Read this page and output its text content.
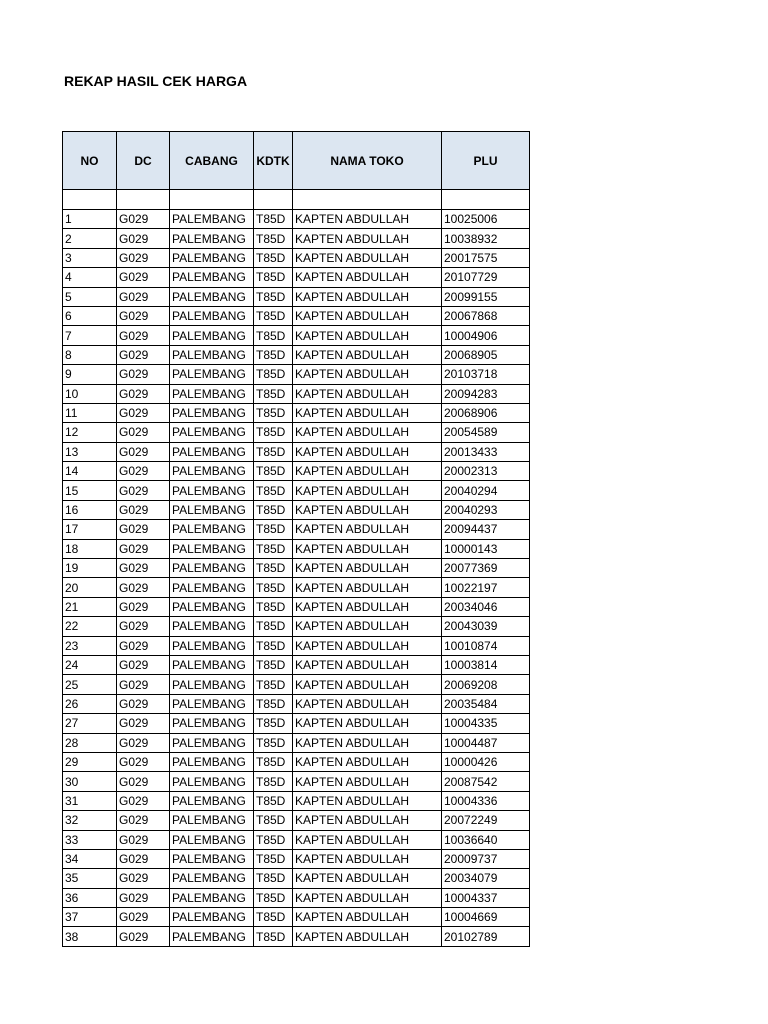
REKAP HASIL CEK HARGA
NO	DC	CABANG	KDTK	NAMA TOKO	PLU

1	G029	PALEMBANG	T85D	KAPTEN ABDULLAH	10025006
2	G029	PALEMBANG	T85D	KAPTEN ABDULLAH	10038932
3	G029	PALEMBANG	T85D	KAPTEN ABDULLAH	20017575
4	G029	PALEMBANG	T85D	KAPTEN ABDULLAH	20107729
5	G029	PALEMBANG	T85D	KAPTEN ABDULLAH	20099155
6	G029	PALEMBANG	T85D	KAPTEN ABDULLAH	20067868
7	G029	PALEMBANG	T85D	KAPTEN ABDULLAH	10004906
8	G029	PALEMBANG	T85D	KAPTEN ABDULLAH	20068905
9	G029	PALEMBANG	T85D	KAPTEN ABDULLAH	20103718
10	G029	PALEMBANG	T85D	KAPTEN ABDULLAH	20094283
11	G029	PALEMBANG	T85D	KAPTEN ABDULLAH	20068906
12	G029	PALEMBANG	T85D	KAPTEN ABDULLAH	20054589
13	G029	PALEMBANG	T85D	KAPTEN ABDULLAH	20013433
14	G029	PALEMBANG	T85D	KAPTEN ABDULLAH	20002313
15	G029	PALEMBANG	T85D	KAPTEN ABDULLAH	20040294
16	G029	PALEMBANG	T85D	KAPTEN ABDULLAH	20040293
17	G029	PALEMBANG	T85D	KAPTEN ABDULLAH	20094437
18	G029	PALEMBANG	T85D	KAPTEN ABDULLAH	10000143
19	G029	PALEMBANG	T85D	KAPTEN ABDULLAH	20077369
20	G029	PALEMBANG	T85D	KAPTEN ABDULLAH	10022197
21	G029	PALEMBANG	T85D	KAPTEN ABDULLAH	20034046
22	G029	PALEMBANG	T85D	KAPTEN ABDULLAH	20043039
23	G029	PALEMBANG	T85D	KAPTEN ABDULLAH	10010874
24	G029	PALEMBANG	T85D	KAPTEN ABDULLAH	10003814
25	G029	PALEMBANG	T85D	KAPTEN ABDULLAH	20069208
26	G029	PALEMBANG	T85D	KAPTEN ABDULLAH	20035484
27	G029	PALEMBANG	T85D	KAPTEN ABDULLAH	10004335
28	G029	PALEMBANG	T85D	KAPTEN ABDULLAH	10004487
29	G029	PALEMBANG	T85D	KAPTEN ABDULLAH	10000426
30	G029	PALEMBANG	T85D	KAPTEN ABDULLAH	20087542
31	G029	PALEMBANG	T85D	KAPTEN ABDULLAH	10004336
32	G029	PALEMBANG	T85D	KAPTEN ABDULLAH	20072249
33	G029	PALEMBANG	T85D	KAPTEN ABDULLAH	10036640
34	G029	PALEMBANG	T85D	KAPTEN ABDULLAH	20009737
35	G029	PALEMBANG	T85D	KAPTEN ABDULLAH	20034079
36	G029	PALEMBANG	T85D	KAPTEN ABDULLAH	10004337
37	G029	PALEMBANG	T85D	KAPTEN ABDULLAH	10004669
38	G029	PALEMBANG	T85D	KAPTEN ABDULLAH	20102789
